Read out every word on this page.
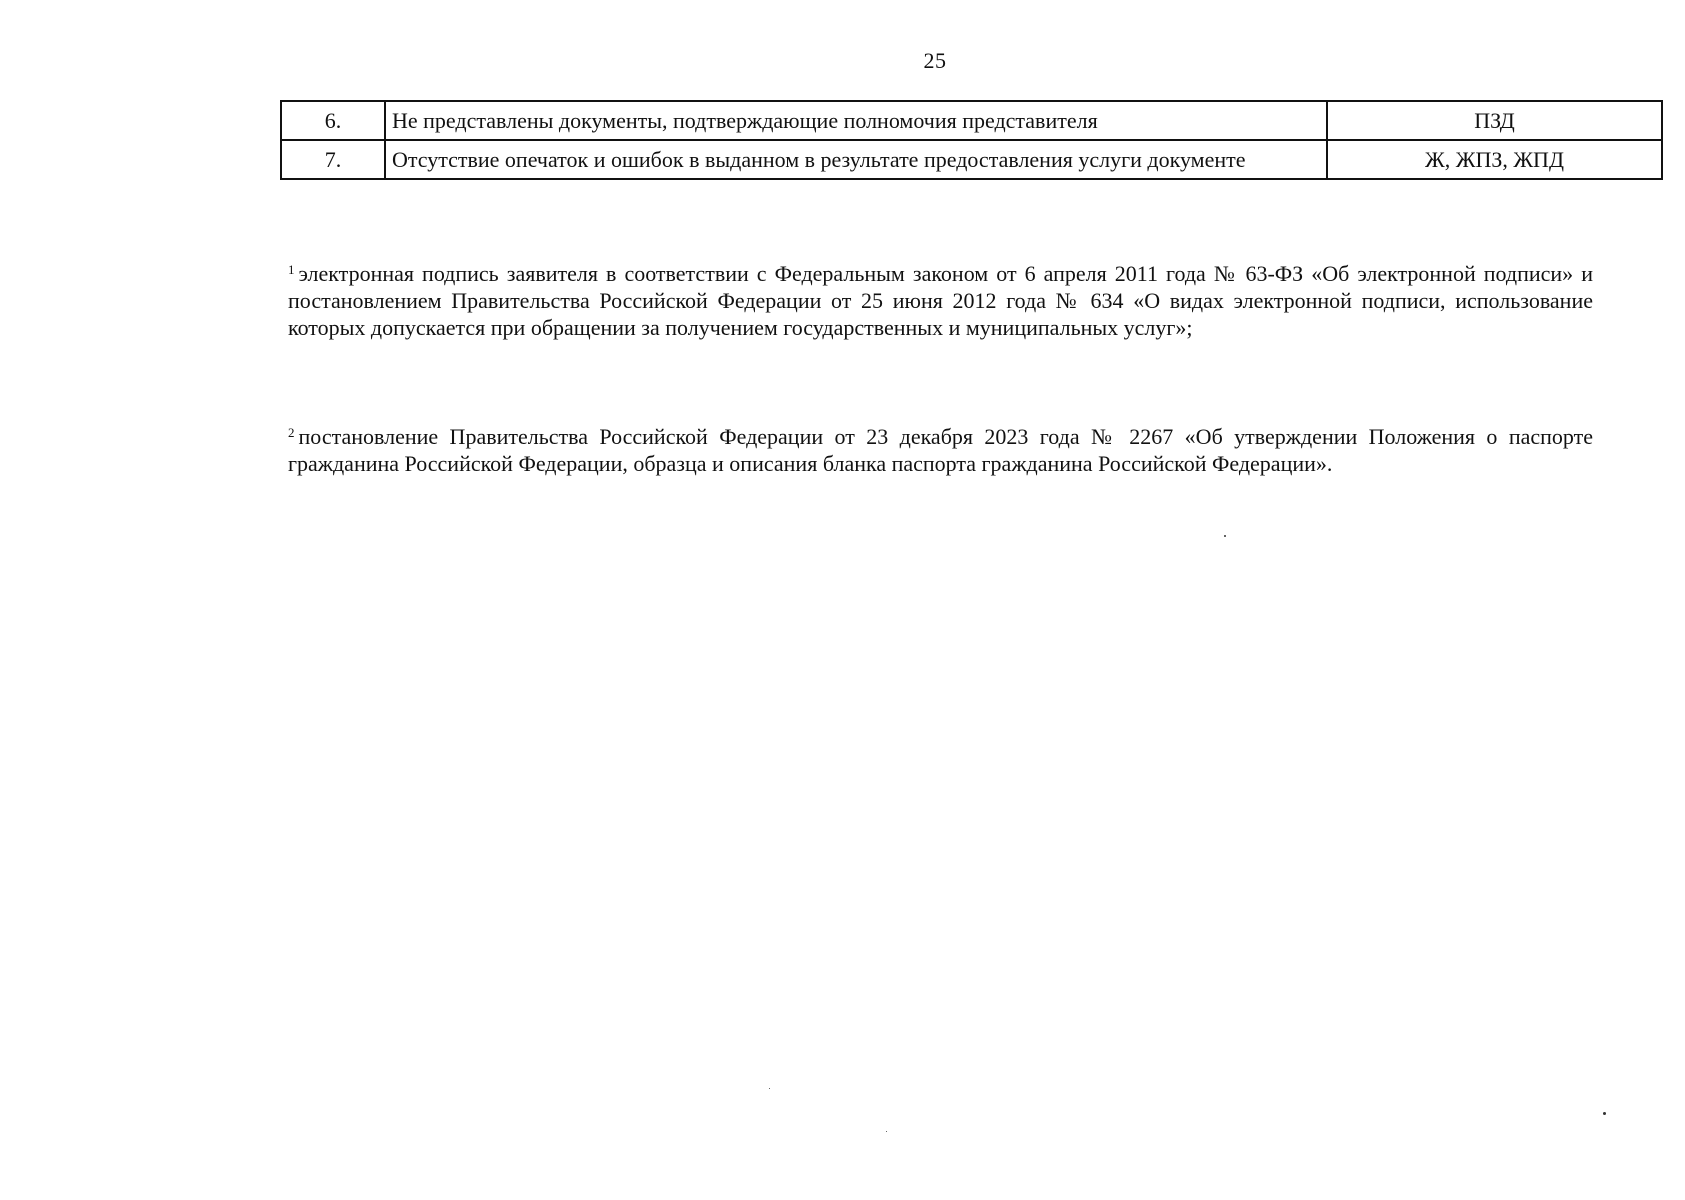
25
6.	Не представлены документы, подтверждающие полномочия представителя	ПЗД
7.	Отсутствие опечаток и ошибок в выданном в результате предоставления услуги документе	Ж, ЖПЗ, ЖПД
$^1$ электронная подпись заявителя в соответствии с Федеральным законом от 6 апреля 2011 года № 63-ФЗ «Об электронной подписи» и постановлением Правительства Российской Федерации от 25 июня 2012 года № 634 «О видах электронной подписи, использование которых допускается при обращении за получением государственных и муниципальных услуг»;
$^2$ постановление Правительства Российской Федерации от 23 декабря 2023 года № 2267 «Об утверждении Положения о паспорте гражданина Российской Федерации, образца и описания бланка паспорта гражданина Российской Федерации».
